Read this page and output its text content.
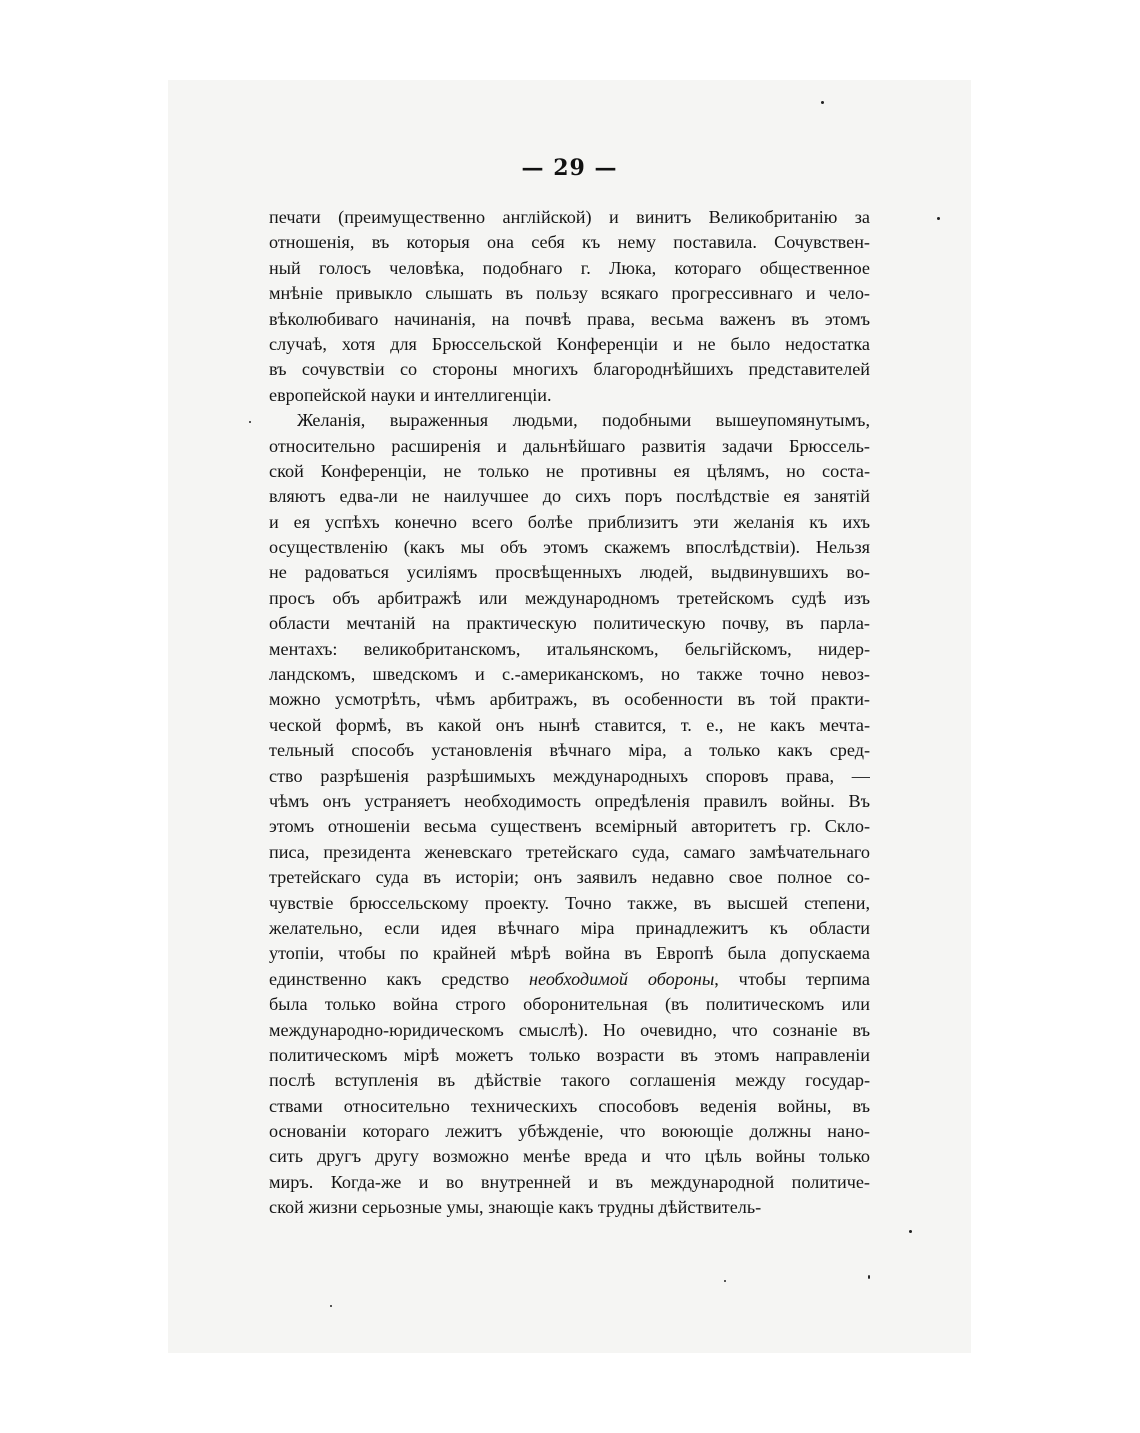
— 29 —
печати (преимущественно англійской) и винитъ Великобританію за
отношенія, въ которыя она себя къ нему поставила. Сочувствен-
ный голосъ человѣка, подобнаго г. Люка, котораго общественное
мнѣніе привыкло слышать въ пользу всякаго прогрессивнаго и чело-
вѣколюбиваго начинанія, на почвѣ права, весьма важенъ въ этомъ
случаѣ, хотя для Брюссельской Конференціи и не было недостатка
въ сочувствіи со стороны многихъ благороднѣйшихъ представителей
европейской науки и интеллигенціи.
Желанія, выраженныя людьми, подобными вышеупомянутымъ,
относительно расширенія и дальнѣйшаго развитія задачи Брюссель-
ской Конференціи, не только не противны ея цѣлямъ, но соста-
вляютъ едва-ли не наилучшее до сихъ поръ послѣдствіе ея занятій
и ея успѣхъ конечно всего болѣе приблизитъ эти желанія къ ихъ
осуществленію (какъ мы объ этомъ скажемъ впослѣдствіи). Нельзя
не радоваться усиліямъ просвѣщенныхъ людей, выдвинувшихъ во-
просъ объ арбитражѣ или международномъ третейскомъ судѣ изъ
области мечтаній на практическую политическую почву, въ парла-
ментахъ: великобританскомъ, итальянскомъ, бельгійскомъ, нидер-
ландскомъ, шведскомъ и с.-американскомъ, но также точно невоз-
можно усмотрѣть, чѣмъ арбитражъ, въ особенности въ той практи-
ческой формѣ, въ какой онъ нынѣ ставится, т. е., не какъ мечта-
тельный способъ установленія вѣчнаго міра, а только какъ сред-
ство разрѣшенія разрѣшимыхъ международныхъ споровъ права, —
чѣмъ онъ устраняетъ необходимость опредѣленія правилъ войны. Въ
этомъ отношеніи весьма существенъ всемірный авторитетъ гр. Скло-
писа, президента женевскаго третейскаго суда, самаго замѣчательнаго
третейскаго суда въ исторіи; онъ заявилъ недавно свое полное со-
чувствіе брюссельскому проекту. Точно также, въ высшей степени,
желательно, если идея вѣчнаго міра принадлежитъ къ области
утопіи, чтобы по крайней мѣрѣ война въ Европѣ была допускаема
единственно какъ средство необходимой обороны, чтобы терпима
была только война строго оборонительная (въ политическомъ или
международно-юридическомъ смыслѣ). Но очевидно, что сознаніе въ
политическомъ мірѣ можетъ только возрасти въ этомъ направленіи
послѣ вступленія въ дѣйствіе такого соглашенія между государ-
ствами относительно техническихъ способовъ веденія войны, въ
основаніи котораго лежитъ убѣжденіе, что воюющіе должны нано-
сить другъ другу возможно менѣе вреда и что цѣль войны только
миръ. Когда-же и во внутренней и въ международной политиче-
ской жизни серьозные умы, знающіе какъ трудны дѣйствитель-
